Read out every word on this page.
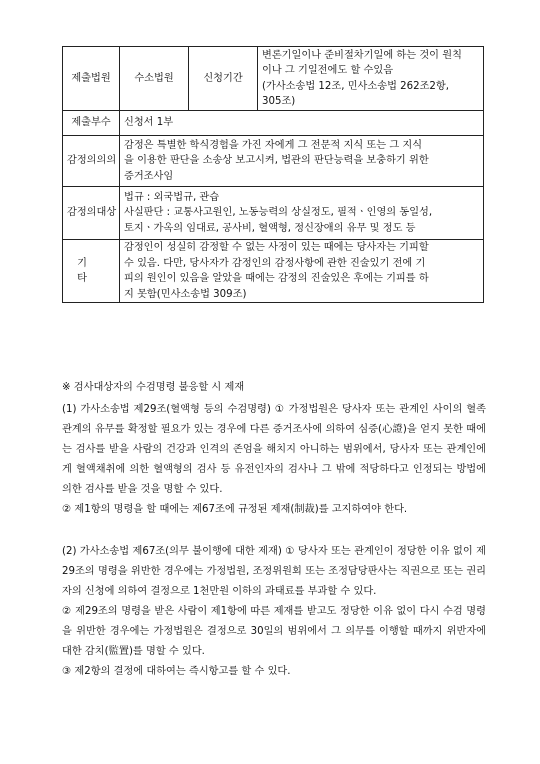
제출법원	수소법원	신청기간	변론기일이나 준비절차기일에 하는 것이 원칙
이나 그 기일전에도 할 수있음
(가사소송법 12조, 민사소송법 262조2항, 305조)

제출부수	신청서 1부		
감정의의의	감정은 특별한 학식경험을 가진 자에게 그 전문적 지식 또는 그 지식
을 이용한 판단을 소송상 보고시켜, 법관의 판단능력을 보충하기 위한
증거조사임		

감정의대상	법규 : 외국법규, 관습
사실판단 : 교통사고원인, 노동능력의 상실정도, 필적ㆍ인영의 동일성,
토지ㆍ가옥의 임대료, 공사비, 혈액형, 정신장애의 유무 및 정도 등		

기 타	감정인이 성실히 감정할 수 없는 사정이 있는 때에는 당사자는 기피할
수 있음. 다만, 당사자가 감정인의 감정사항에 관한 진술있기 전에 기
피의 원인이 있음을 알았을 때에는 감정의 진술있은 후에는 기피를 하
지 못함(민사소송법 309조)		

※ 검사대상자의 수검명령 불응할 시 제재

(1) 가사소송법 제29조(혈액형 등의 수검명령) ① 가정법원은 당사자 또는 관계인 사이의 혈족관계의 유무를 확정할 필요가 있는 경우에 다른 증거조사에 의하여 심증(心證)을 얻지 못한 때에는 검사를 받을 사람의 건강과 인격의 존엄을 해치지 아니하는 범위에서, 당사자 또는 관계인에게 혈액채취에 의한 혈액형의 검사 등 유전인자의 검사나 그 밖에 적당하다고 인정되는 방법에 의한 검사를 받을 것을 명할 수 있다.

② 제1항의 명령을 할 때에는 제67조에 규정된 제재(制裁)를 고지하여야 한다.

(2) 가사소송법 제67조(의무 불이행에 대한 제재) ① 당사자 또는 관계인이 정당한 이유 없이 제29조의 명령을 위반한 경우에는 가정법원, 조정위원회 또는 조정담당판사는 직권으로 또는 권리자의 신청에 의하여 결정으로 1천만원 이하의 과태료를 부과할 수 있다.

② 제29조의 명령을 받은 사람이 제1항에 따른 제재를 받고도 정당한 이유 없이 다시 수검 명령을 위반한 경우에는 가정법원은 결정으로 30일의 범위에서 그 의무를 이행할 때까지 위반자에 대한 감치(監置)를 명할 수 있다.

③ 제2항의 결정에 대하여는 즉시항고를 할 수 있다.
